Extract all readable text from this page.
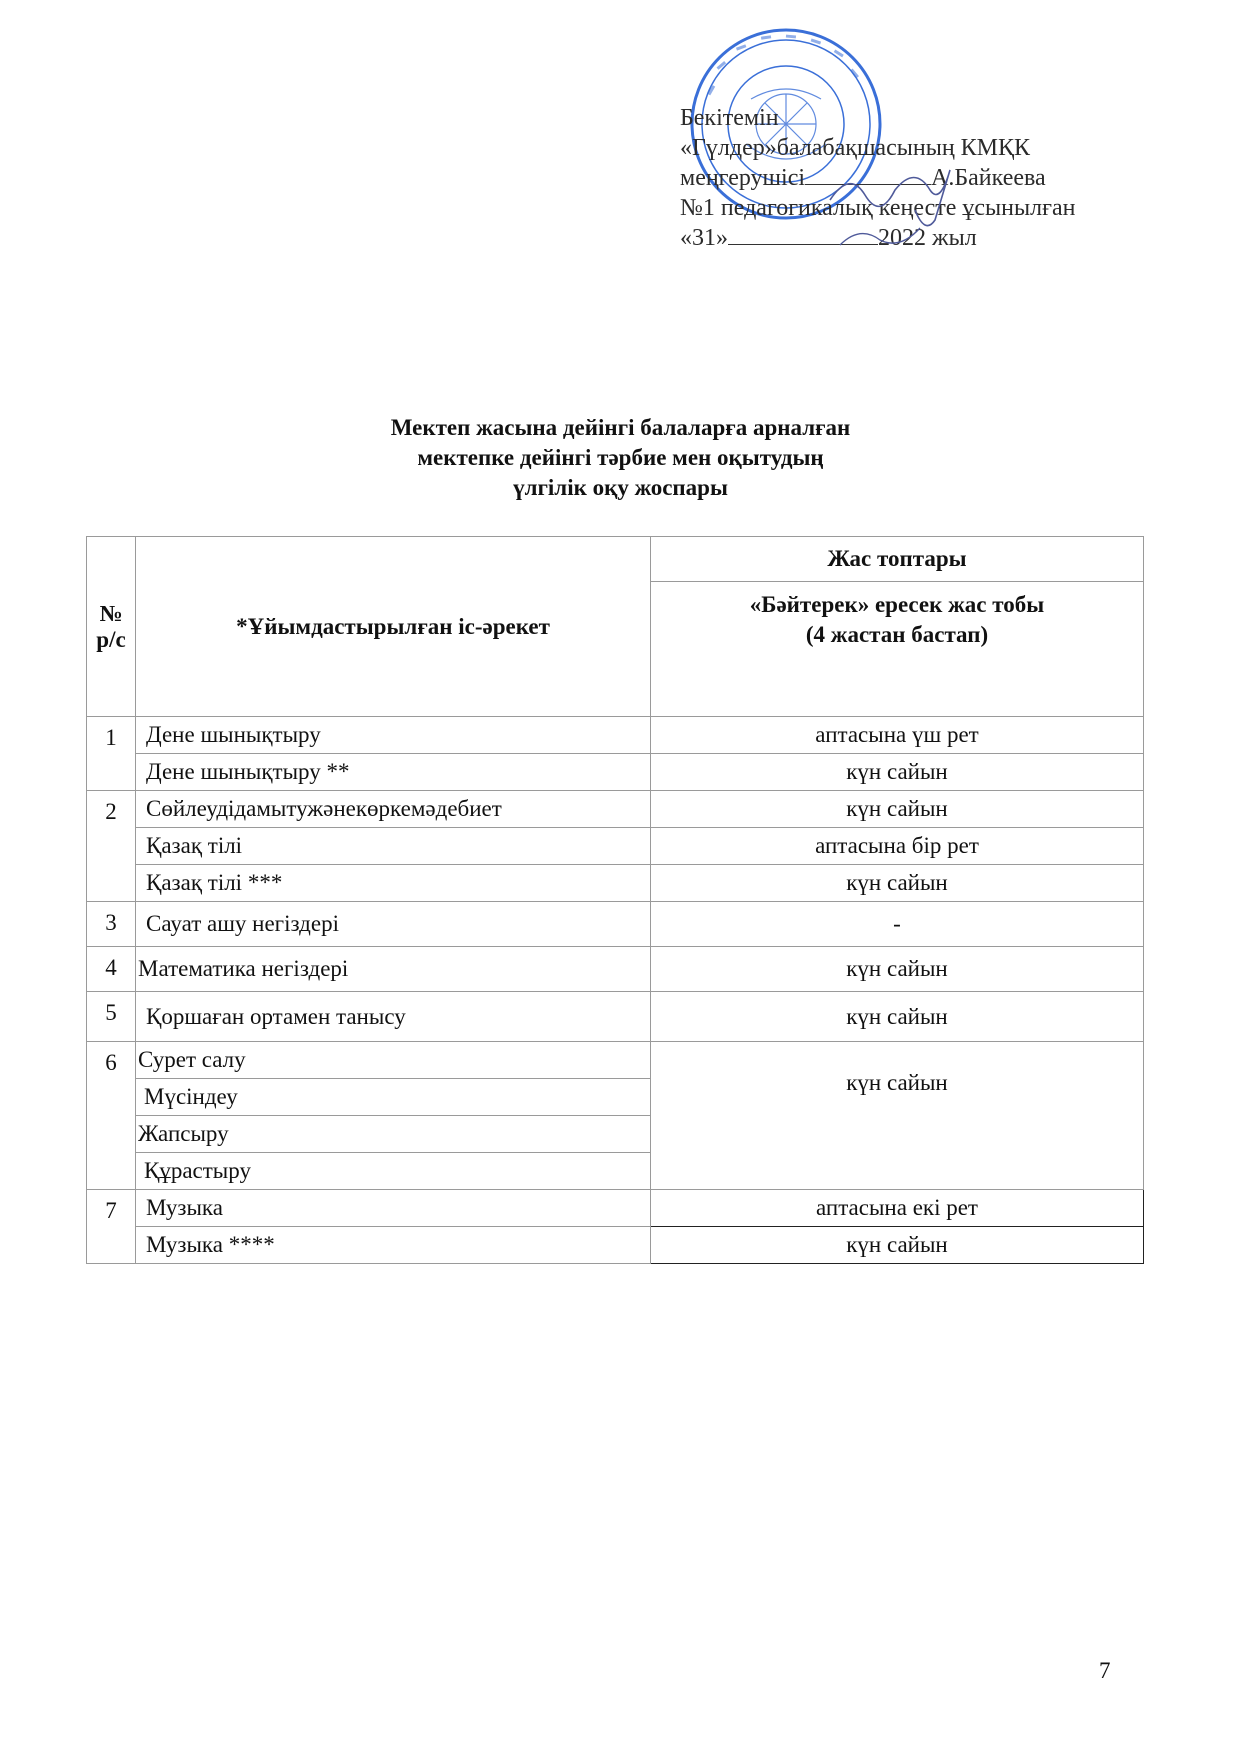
Бекітемін
«Гүлдер»балабақшасының КМҚК
меңгерушісі	А.Байкеева
№1 педагогикалық кеңесте ұсынылған
«31»	2022 жыл
Мектеп жасына дейінгі балаларға арналған
мектепке дейінгі тәрбие мен оқытудың
үлгілік оқу жоспары
№
р/с	*Ұйымдастырылған іс-әрекет	Жас топтары

		«Бәйтерек» ересек жас тобы
(4 жастан бастап)

1	Дене шынықтыру	аптасына үш рет
	Дене шынықтыру **	күн сайын
2	Сөйлеудідамытужәнекөркемәдебиет	күн сайын
	Қазақ тілі	аптасына бір рет
	Қазақ тілі ***	күн сайын
3	Сауат ашу негіздері	-
4	Математика негіздері	күн сайын
5	Қоршаған ортамен танысу	күн сайын
6	Сурет салу	күн сайын
	Мүсіндеу	
	Жапсыру	
	Құрастыру	
7	Музыка	аптасына екі рет
	Музыка ****	күн сайын
7
